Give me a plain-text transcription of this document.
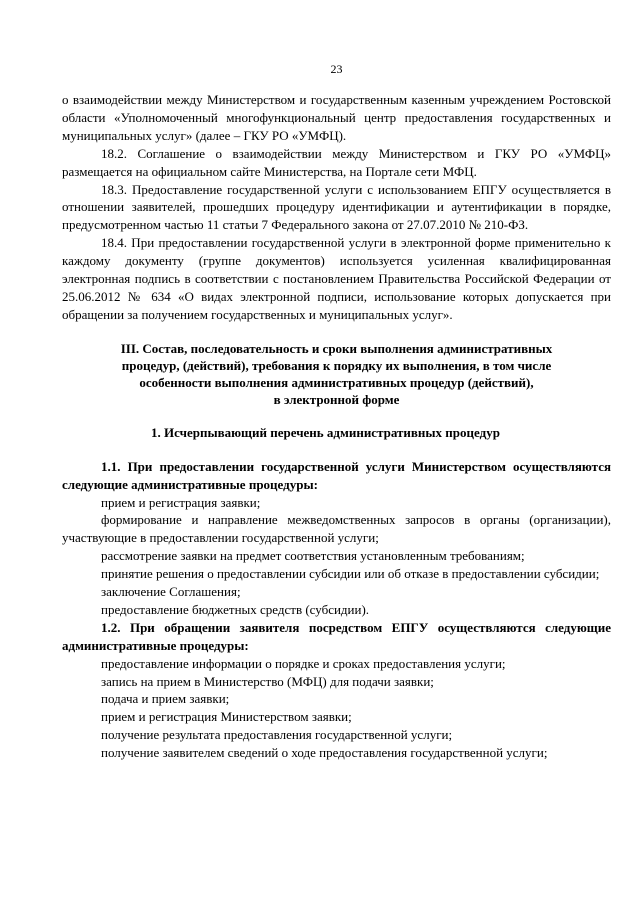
23

о взаимодействии между Министерством и государственным казенным учреждением Ростовской области «Уполномоченный многофункциональный центр предоставления государственных и муниципальных услуг» (далее – ГКУ РО «УМФЦ).

18.2. Соглашение о взаимодействии между Министерством и ГКУ РО «УМФЦ» размещается на официальном сайте Министерства, на Портале сети МФЦ.

18.3. Предоставление государственной услуги с использованием ЕПГУ осуществляется в отношении заявителей, прошедших процедуру идентификации и аутентификации в порядке, предусмотренном частью 11 статьи 7 Федерального закона от 27.07.2010 № 210-ФЗ.

18.4. При предоставлении государственной услуги в электронной форме применительно к каждому документу (группе документов) используется усиленная квалифицированная электронная подпись в соответствии с постановлением Правительства Российской Федерации от 25.06.2012 № 634 «О видах электронной подписи, использование которых допускается при обращении за получением государственных и муниципальных услуг».

III. Состав, последовательность и сроки выполнения административных
процедур, (действий), требования к порядку их выполнения, в том числе
особенности выполнения административных процедур (действий),
в электронной форме
1. Исчерпывающий перечень административных процедур

1.1. При предоставлении государственной услуги Министерством осуществляются следующие административные процедуры:

прием и регистрация заявки;

формирование и направление межведомственных запросов в органы (организации), участвующие в предоставлении государственной услуги;

рассмотрение заявки на предмет соответствия установленным требованиям;

принятие решения о предоставлении субсидии или об отказе в предоставлении субсидии;

заключение Соглашения;

предоставление бюджетных средств (субсидии).

1.2. При обращении заявителя посредством ЕПГУ осуществляются следующие административные процедуры:

предоставление информации о порядке и сроках предоставления услуги;

запись на прием в Министерство (МФЦ) для подачи заявки;

подача и прием заявки;

прием и регистрация Министерством заявки;

получение результата предоставления государственной услуги;

получение заявителем сведений о ходе предоставления государственной услуги;
